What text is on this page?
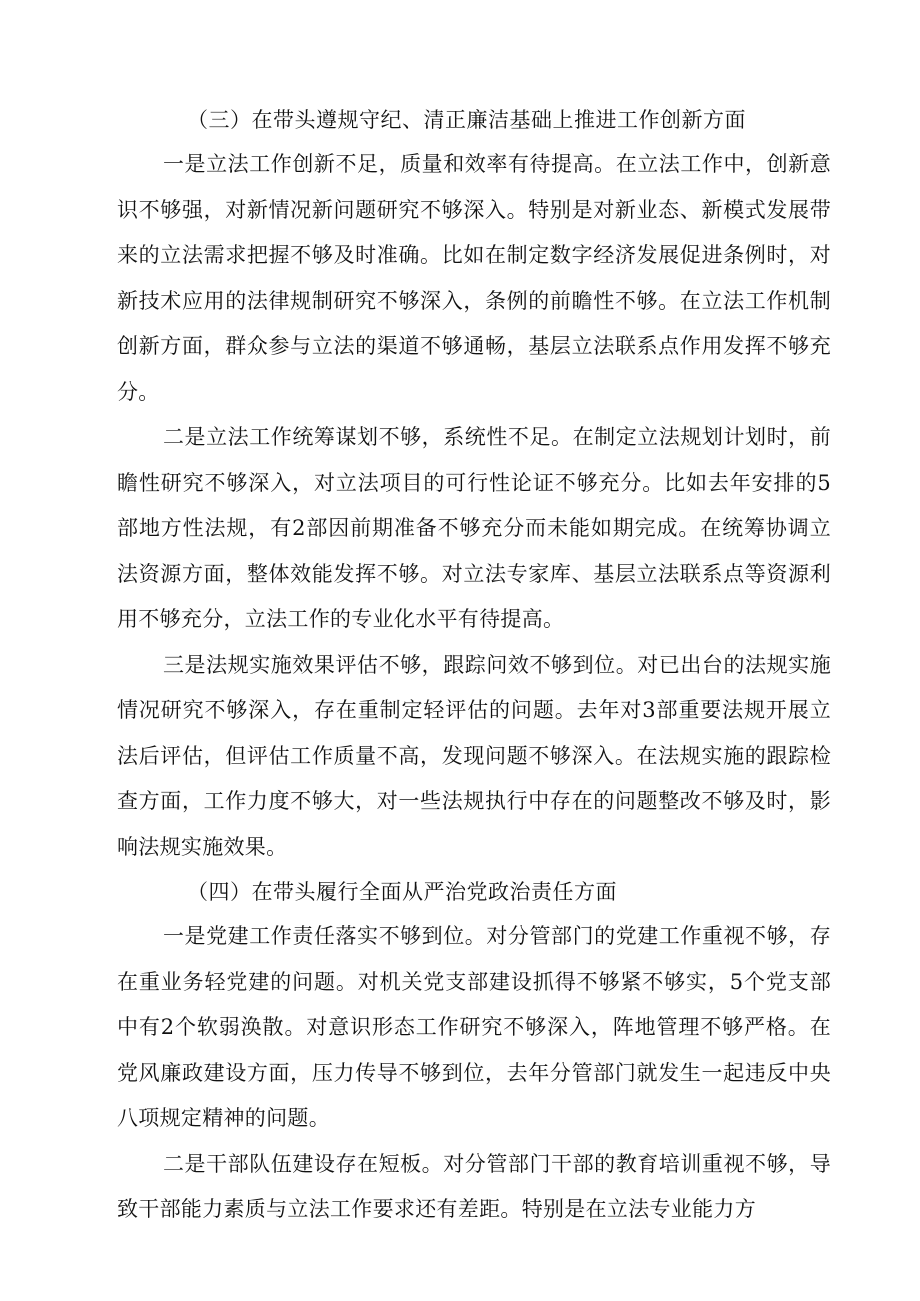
（三）在带头遵规守纪、清正廉洁基础上推进工作创新方面

一是立法工作创新不足，质量和效率有待提高。在立法工作中，创新意识不够强，对新情况新问题研究不够深入。特别是对新业态、新模式发展带来的立法需求把握不够及时准确。比如在制定数字经济发展促进条例时，对新技术应用的法律规制研究不够深入，条例的前瞻性不够。在立法工作机制创新方面，群众参与立法的渠道不够通畅，基层立法联系点作用发挥不够充分。

二是立法工作统筹谋划不够，系统性不足。在制定立法规划计划时，前瞻性研究不够深入，对立法项目的可行性论证不够充分。比如去年安排的5部地方性法规，有2部因前期准备不够充分而未能如期完成。在统筹协调立法资源方面，整体效能发挥不够。对立法专家库、基层立法联系点等资源利用不够充分，立法工作的专业化水平有待提高。

三是法规实施效果评估不够，跟踪问效不够到位。对已出台的法规实施情况研究不够深入，存在重制定轻评估的问题。去年对3部重要法规开展立法后评估，但评估工作质量不高，发现问题不够深入。在法规实施的跟踪检查方面，工作力度不够大，对一些法规执行中存在的问题整改不够及时，影响法规实施效果。

（四）在带头履行全面从严治党政治责任方面

一是党建工作责任落实不够到位。对分管部门的党建工作重视不够，存在重业务轻党建的问题。对机关党支部建设抓得不够紧不够实，5个党支部中有2个软弱涣散。对意识形态工作研究不够深入，阵地管理不够严格。在党风廉政建设方面，压力传导不够到位，去年分管部门就发生一起违反中央八项规定精神的问题。

二是干部队伍建设存在短板。对分管部门干部的教育培训重视不够，导致干部能力素质与立法工作要求还有差距。特别是在立法专业能力方
